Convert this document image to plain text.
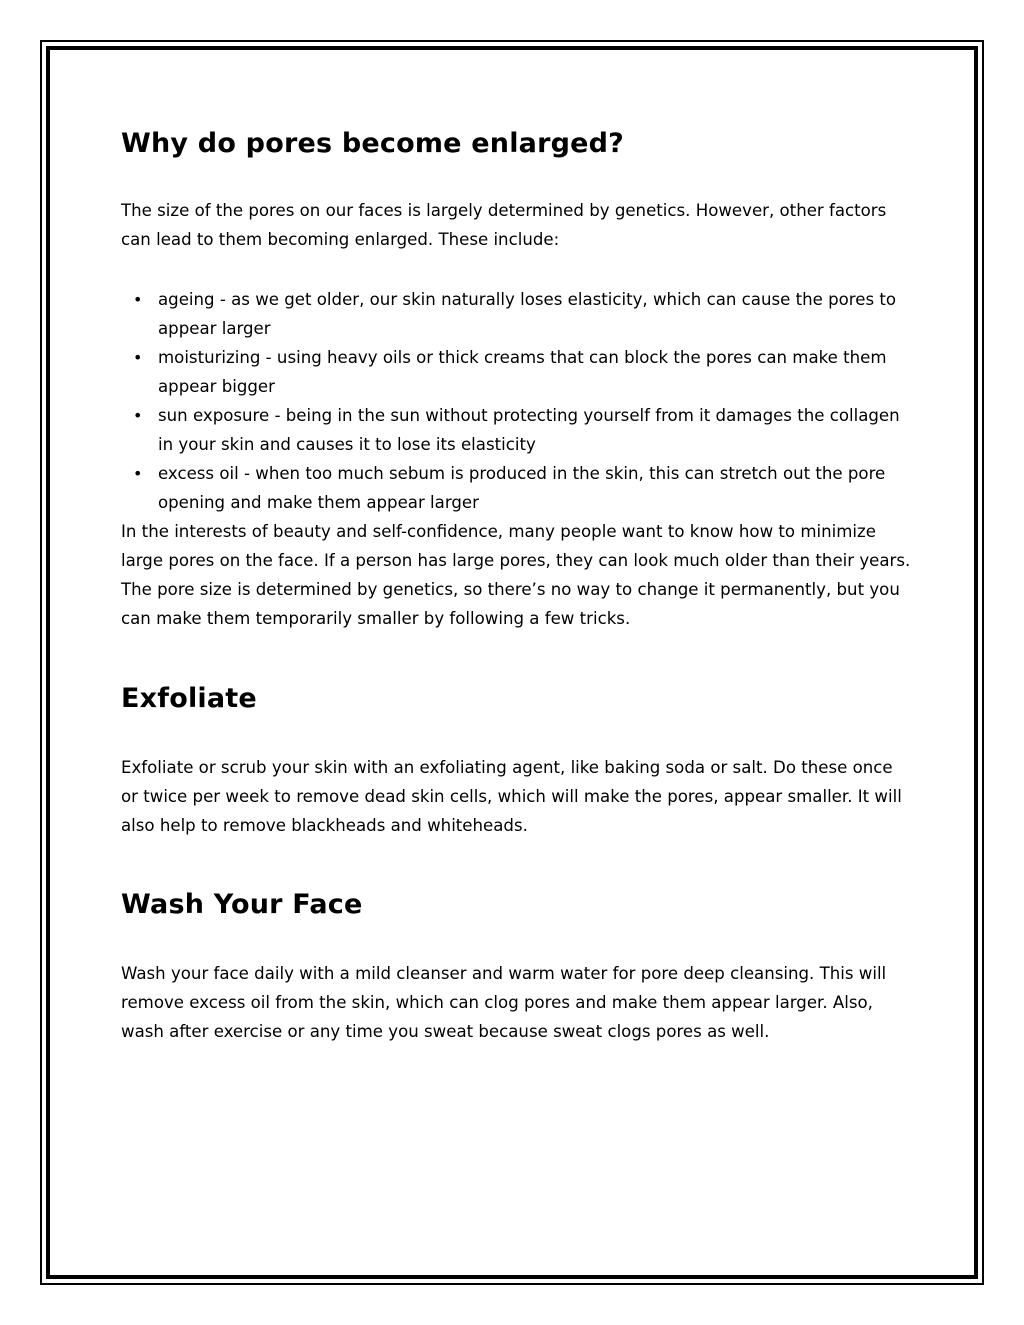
Why do pores become enlarged?

The size of the pores on our faces is largely determined by genetics. However, other factors can lead to them becoming enlarged. These include:

• ageing - as we get older, our skin naturally loses elasticity, which can cause the pores to appear larger
• moisturizing - using heavy oils or thick creams that can block the pores can make them appear bigger
• sun exposure - being in the sun without protecting yourself from it damages the collagen in your skin and causes it to lose its elasticity
• excess oil - when too much sebum is produced in the skin, this can stretch out the pore opening and make them appear larger

In the interests of beauty and self-confidence, many people want to know how to minimize large pores on the face. If a person has large pores, they can look much older than their years. The pore size is determined by genetics, so there’s no way to change it permanently, but you can make them temporarily smaller by following a few tricks.

Exfoliate

Exfoliate or scrub your skin with an exfoliating agent, like baking soda or salt. Do these once or twice per week to remove dead skin cells, which will make the pores, appear smaller. It will also help to remove blackheads and whiteheads.

Wash Your Face

Wash your face daily with a mild cleanser and warm water for pore deep cleansing. This will remove excess oil from the skin, which can clog pores and make them appear larger. Also, wash after exercise or any time you sweat because sweat clogs pores as well.
